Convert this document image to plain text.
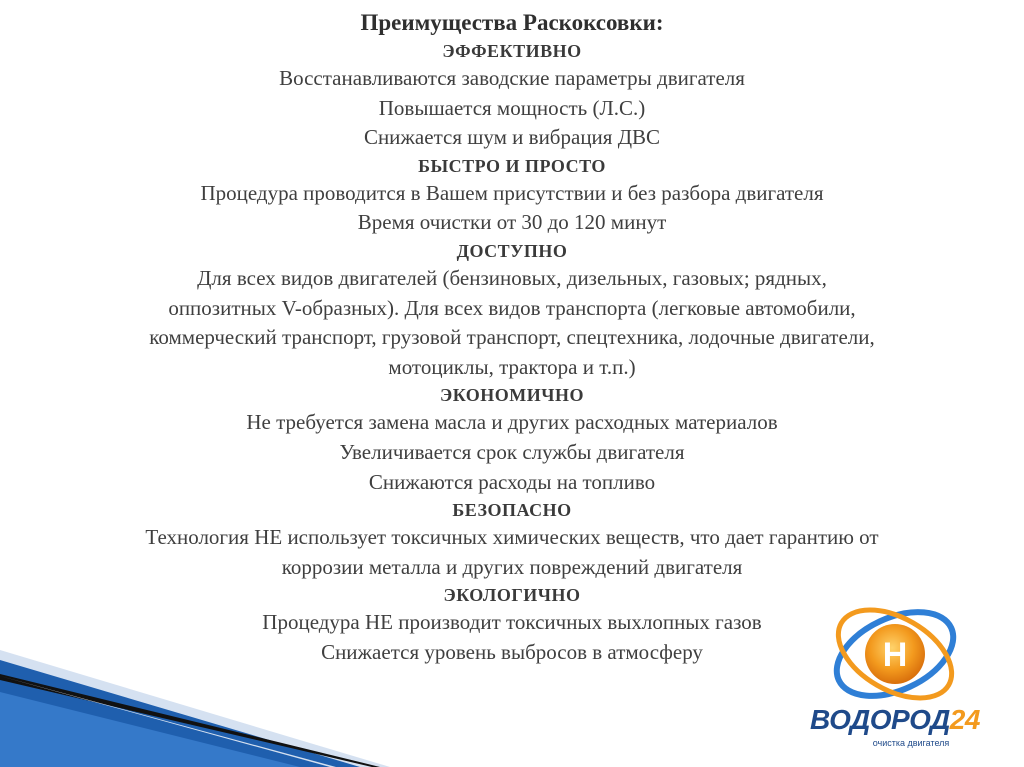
Преимущества Раскоксовки:
ЭФФЕКТИВНО
Восстанавливаются заводские параметры двигателя
Повышается мощность (Л.С.)
Снижается шум и вибрация ДВС
БЫСТРО И ПРОСТО
Процедура проводится в Вашем присутствии и без разбора двигателя
Время очистки от 30 до 120 минут
ДОСТУПНО
Для всех видов двигателей (бензиновых, дизельных, газовых; рядных,
оппозитных V-образных). Для всех видов транспорта (легковые автомобили,
коммерческий транспорт, грузовой транспорт, спецтехника, лодочные двигатели,
мотоциклы, трактора и т.п.)
ЭКОНОМИЧНО
Не требуется замена масла и других расходных материалов
Увеличивается срок службы двигателя
Снижаются расходы на топливо
БЕЗОПАСНО
Технология НЕ использует токсичных химических веществ, что дает гарантию от
коррозии металла и других повреждений двигателя
ЭКОЛОГИЧНО
Процедура НЕ производит токсичных выхлопных газов
Снижается уровень выбросов в атмосферу	H
ВОДОРОД24
очистка двигателя
